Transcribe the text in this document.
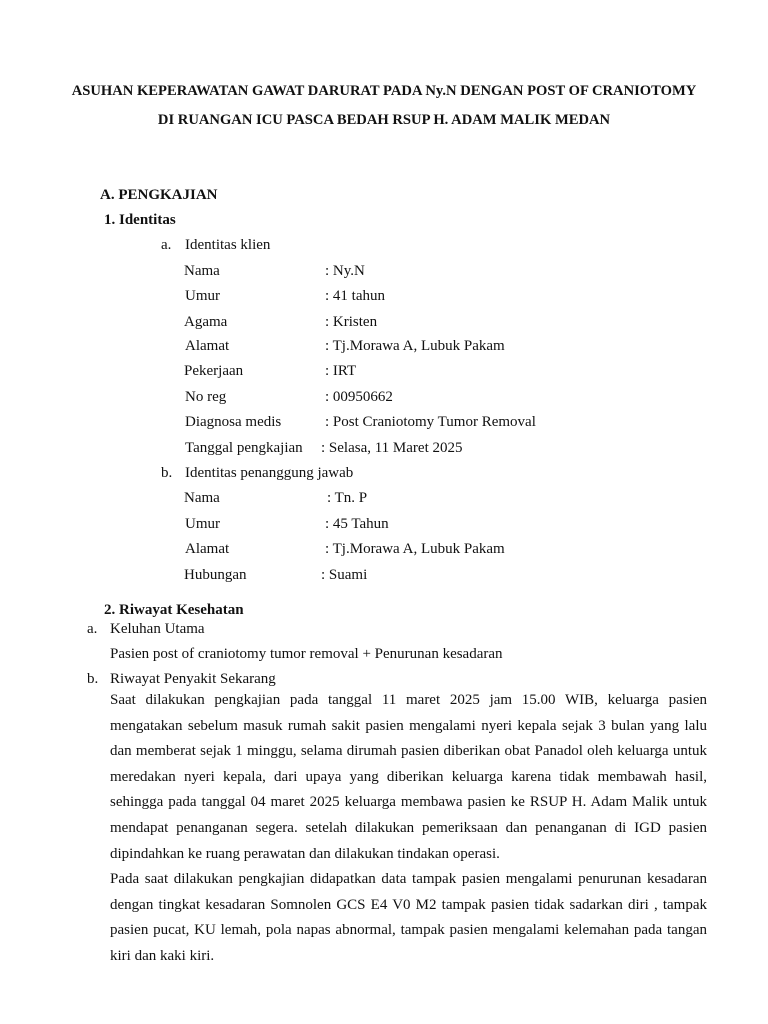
ASUHAN KEPERAWATAN GAWAT DARURAT PADA Ny.N DENGAN POST OF CRANIOTOMY
DI RUANGAN ICU PASCA BEDAH RSUP H. ADAM MALIK MEDAN
A. PENGKAJIAN
1. Identitas
a. Identitas klien
Nama	: Ny.N
Umur	: 41 tahun
Agama	: Kristen
Alamat	: Tj.Morawa A, Lubuk Pakam
Pekerjaan	: IRT
No reg	: 00950662
Diagnosa medis	: Post Craniotomy Tumor Removal
Tanggal pengkajian : Selasa, 11 Maret 2025
b. Identitas penanggung jawab
Nama	: Tn. P
Umur	: 45 Tahun
Alamat	: Tj.Morawa A, Lubuk Pakam
Hubungan	: Suami
2. Riwayat Kesehatan
a. Keluhan Utama
Pasien post of craniotomy tumor removal + Penurunan kesadaran
b. Riwayat Penyakit Sekarang

Saat dilakukan pengkajian pada tanggal 11 maret 2025 jam 15.00 WIB, keluarga pasien mengatakan sebelum masuk rumah sakit pasien mengalami nyeri kepala sejak 3 bulan yang lalu dan memberat sejak 1 minggu, selama dirumah pasien diberikan obat Panadol oleh keluarga untuk meredakan nyeri kepala, dari upaya yang diberikan keluarga karena tidak membawah hasil, sehingga pada tanggal 04 maret 2025 keluarga membawa pasien ke RSUP H. Adam Malik untuk mendapat penanganan segera. setelah dilakukan pemeriksaan dan penanganan di IGD pasien dipindahkan ke ruang perawatan dan dilakukan tindakan operasi.

Pada saat dilakukan pengkajian didapatkan data tampak pasien mengalami penurunan kesadaran dengan tingkat kesadaran Somnolen GCS E4 V0 M2 tampak pasien tidak sadarkan diri , tampak pasien pucat, KU lemah, pola napas abnormal, tampak pasien mengalami kelemahan pada tangan kiri dan kaki kiri.
